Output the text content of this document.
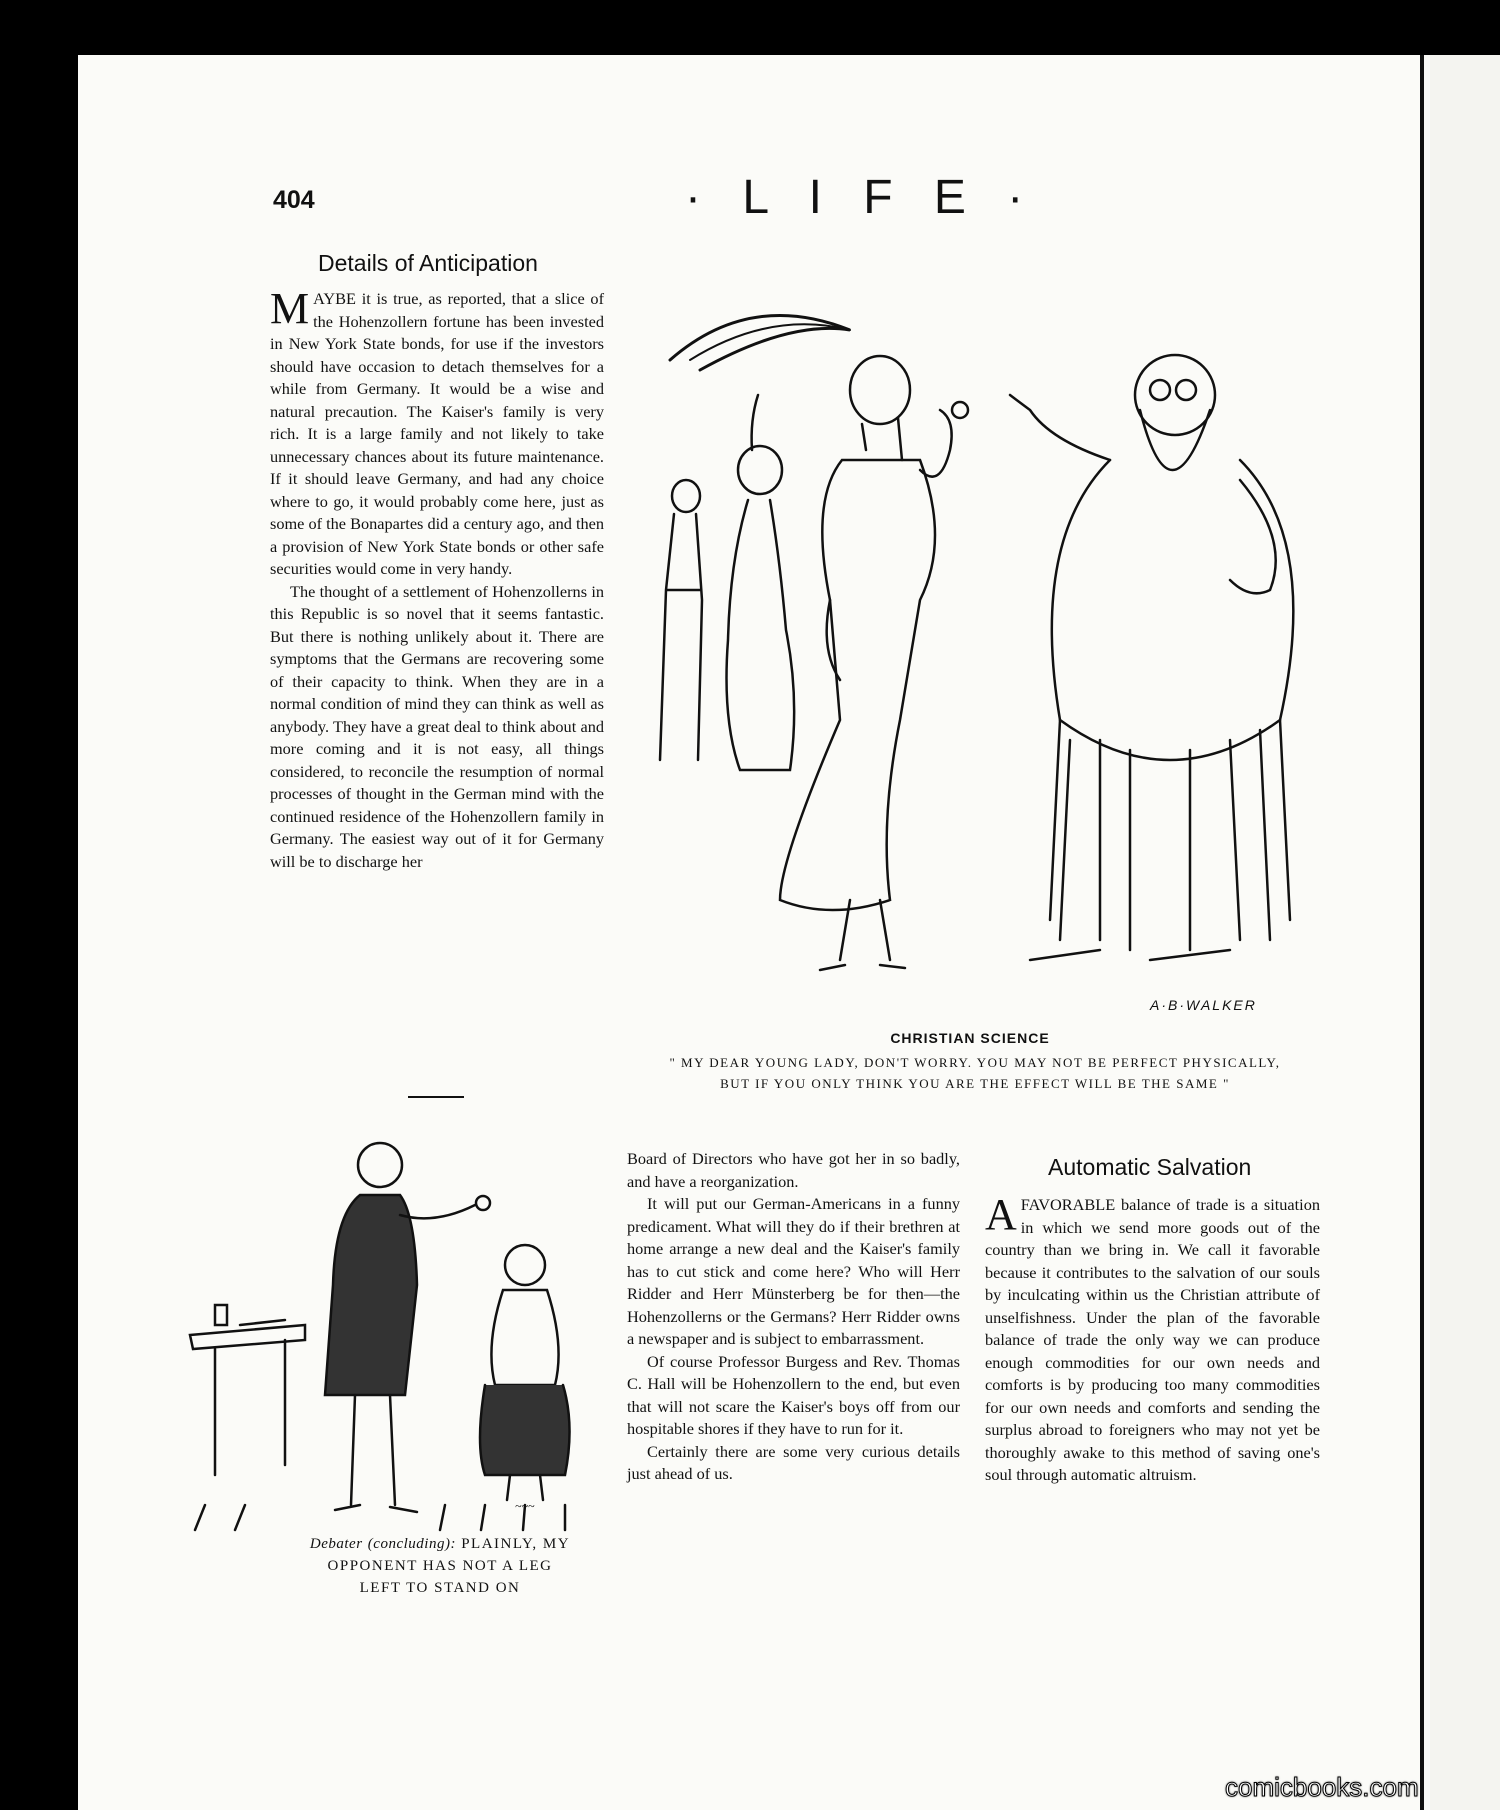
404	· L I F E ·
Details of Anticipation

MAYBE it is true, as reported, that a slice of the Hohenzollern fortune has been invested in New York State bonds, for use if the investors should have occasion to detach themselves for a while from Germany. It would be a wise and natural precaution. The Kaiser's family is very rich. It is a large family and not likely to take unnecessary chances about its future maintenance. If it should leave Germany, and had any choice where to go, it would probably come here, just as some of the Bonapartes did a century ago, and then a provision of New York State bonds or other safe securities would come in very handy.

The thought of a settlement of Hohenzollerns in this Republic is so novel that it seems fantastic. But there is nothing unlikely about it. There are symptoms that the Germans are recovering some of their capacity to think. When they are in a normal condition of mind they can think as well as anybody. They have a great deal to think about and more coming and it is not easy, all things considered, to reconcile the resumption of normal processes of thought in the German mind with the continued residence of the Hohenzollern family in Germany. The easiest way out of it for Germany will be to discharge her

Board of Directors who have got her in so badly, and have a reorganization.

It will put our German-Americans in a funny predicament. What will they do if their brethren at home arrange a new deal and the Kaiser's family has to cut stick and come here? Who will Herr Ridder and Herr Münsterberg be for then—the Hohenzollerns or the Germans? Herr Ridder owns a newspaper and is subject to embarrassment.

Of course Professor Burgess and Rev. Thomas C. Hall will be Hohenzollern to the end, but even that will not scare the Kaiser's boys off from our hospitable shores if they have to run for it.

Certainly there are some very curious details just ahead of us.

A·B·WALKER
CHRISTIAN SCIENCE
" MY DEAR YOUNG LADY, DON'T WORRY. YOU MAY NOT BE PERFECT PHYSICALLY,
BUT IF YOU ONLY THINK YOU ARE THE EFFECT WILL BE THE SAME "
~~~
Debater (concluding): PLAINLY, MY
OPPONENT HAS NOT A LEG
LEFT TO STAND ON
Automatic Salvation

AFAVORABLE balance of trade is a situation in which we send more goods out of the country than we bring in. We call it favorable because it contributes to the salvation of our souls by inculcating within us the Christian attribute of unselfishness. Under the plan of the favorable balance of trade the only way we can produce enough commodities for our own needs and comforts is by producing too many commodities for our own needs and comforts and sending the surplus abroad to foreigners who may not yet be thoroughly awake to this method of saving one's soul through automatic altruism.

comicbooks.com
